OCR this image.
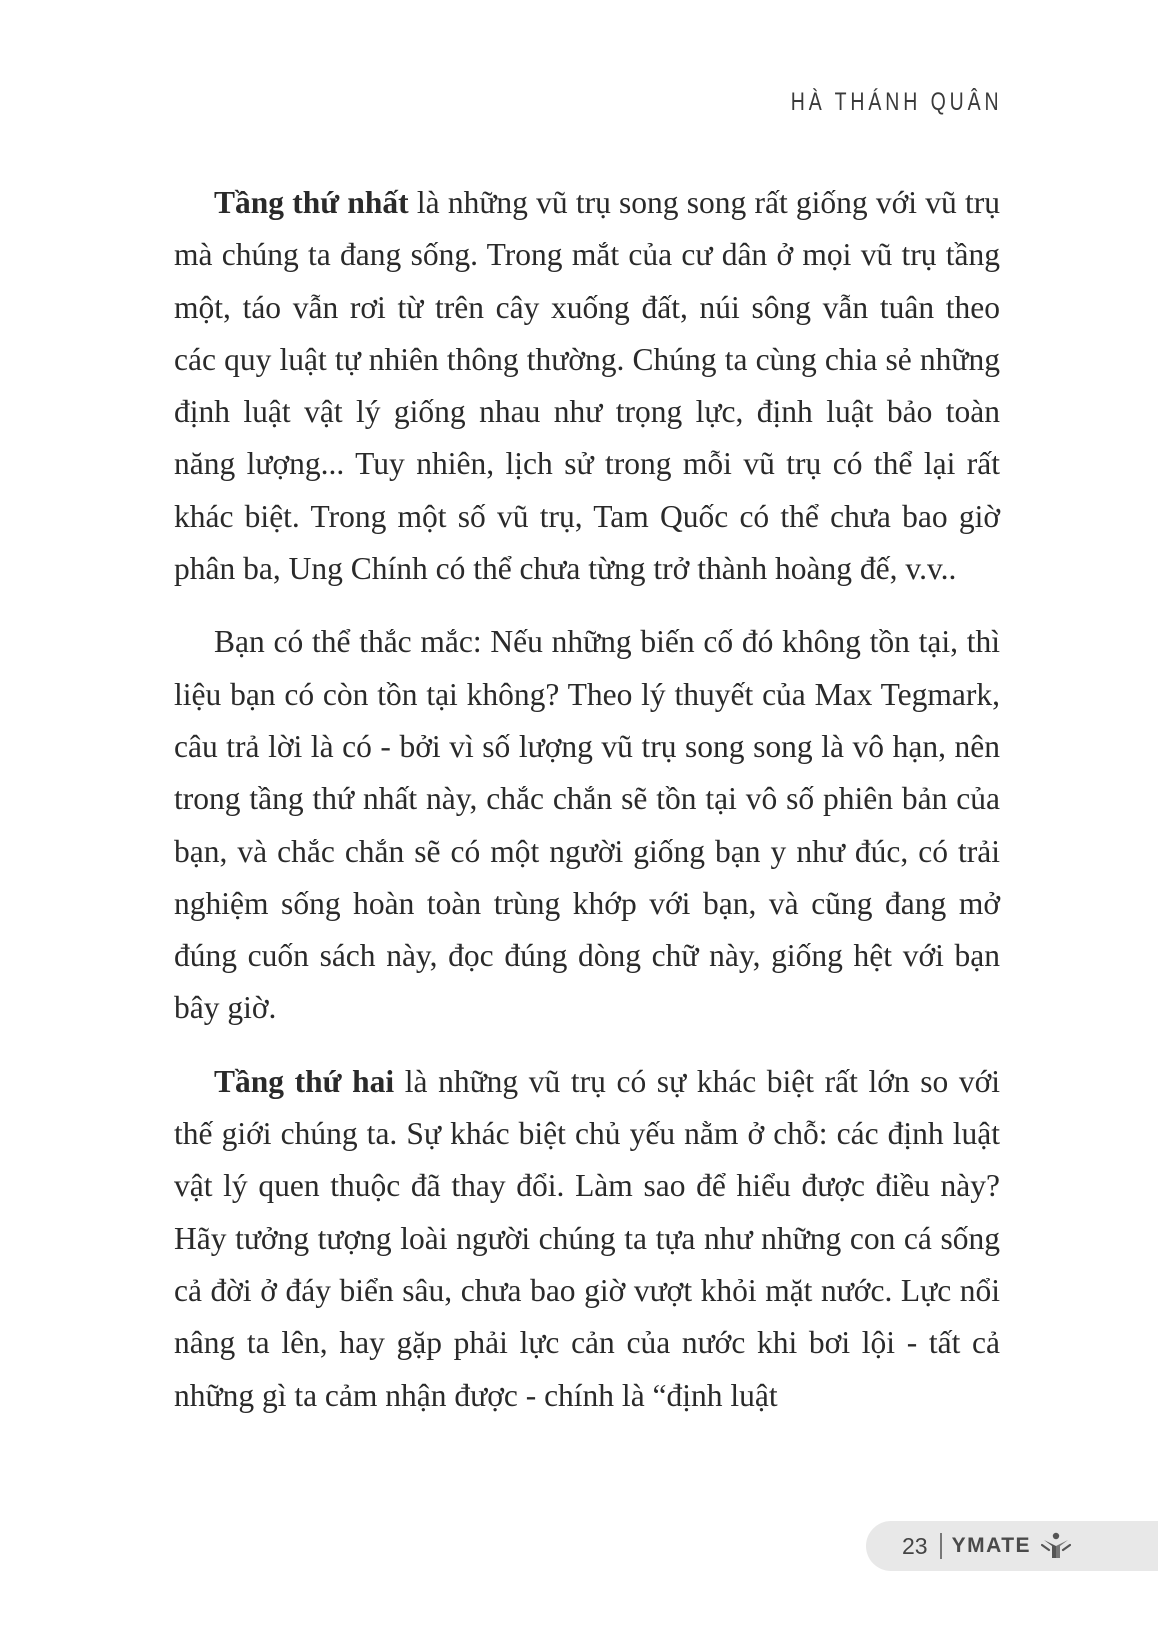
HÀ THÁNH QUÂN

Tầng thứ nhất là những vũ trụ song song rất giống với vũ trụ mà chúng ta đang sống. Trong mắt của cư dân ở mọi vũ trụ tầng một, táo vẫn rơi từ trên cây xuống đất, núi sông vẫn tuân theo các quy luật tự nhiên thông thường. Chúng ta cùng chia sẻ những định luật vật lý giống nhau như trọng lực, định luật bảo toàn năng lượng... Tuy nhiên, lịch sử trong mỗi vũ trụ có thể lại rất khác biệt. Trong một số vũ trụ, Tam Quốc có thể chưa bao giờ phân ba, Ung Chính có thể chưa từng trở thành hoàng đế, v.v..

Bạn có thể thắc mắc: Nếu những biến cố đó không tồn tại, thì liệu bạn có còn tồn tại không? Theo lý thuyết của Max Tegmark, câu trả lời là có - bởi vì số lượng vũ trụ song song là vô hạn, nên trong tầng thứ nhất này, chắc chắn sẽ tồn tại vô số phiên bản của bạn, và chắc chắn sẽ có một người giống bạn y như đúc, có trải nghiệm sống hoàn toàn trùng khớp với bạn, và cũng đang mở đúng cuốn sách này, đọc đúng dòng chữ này, giống hệt với bạn bây giờ.

Tầng thứ hai là những vũ trụ có sự khác biệt rất lớn so với thế giới chúng ta. Sự khác biệt chủ yếu nằm ở chỗ: các định luật vật lý quen thuộc đã thay đổi. Làm sao để hiểu được điều này? Hãy tưởng tượng loài người chúng ta tựa như những con cá sống cả đời ở đáy biển sâu, chưa bao giờ vượt khỏi mặt nước. Lực nổi nâng ta lên, hay gặp phải lực cản của nước khi bơi lội - tất cả những gì ta cảm nhận được - chính là “định luật

23 YMATE
